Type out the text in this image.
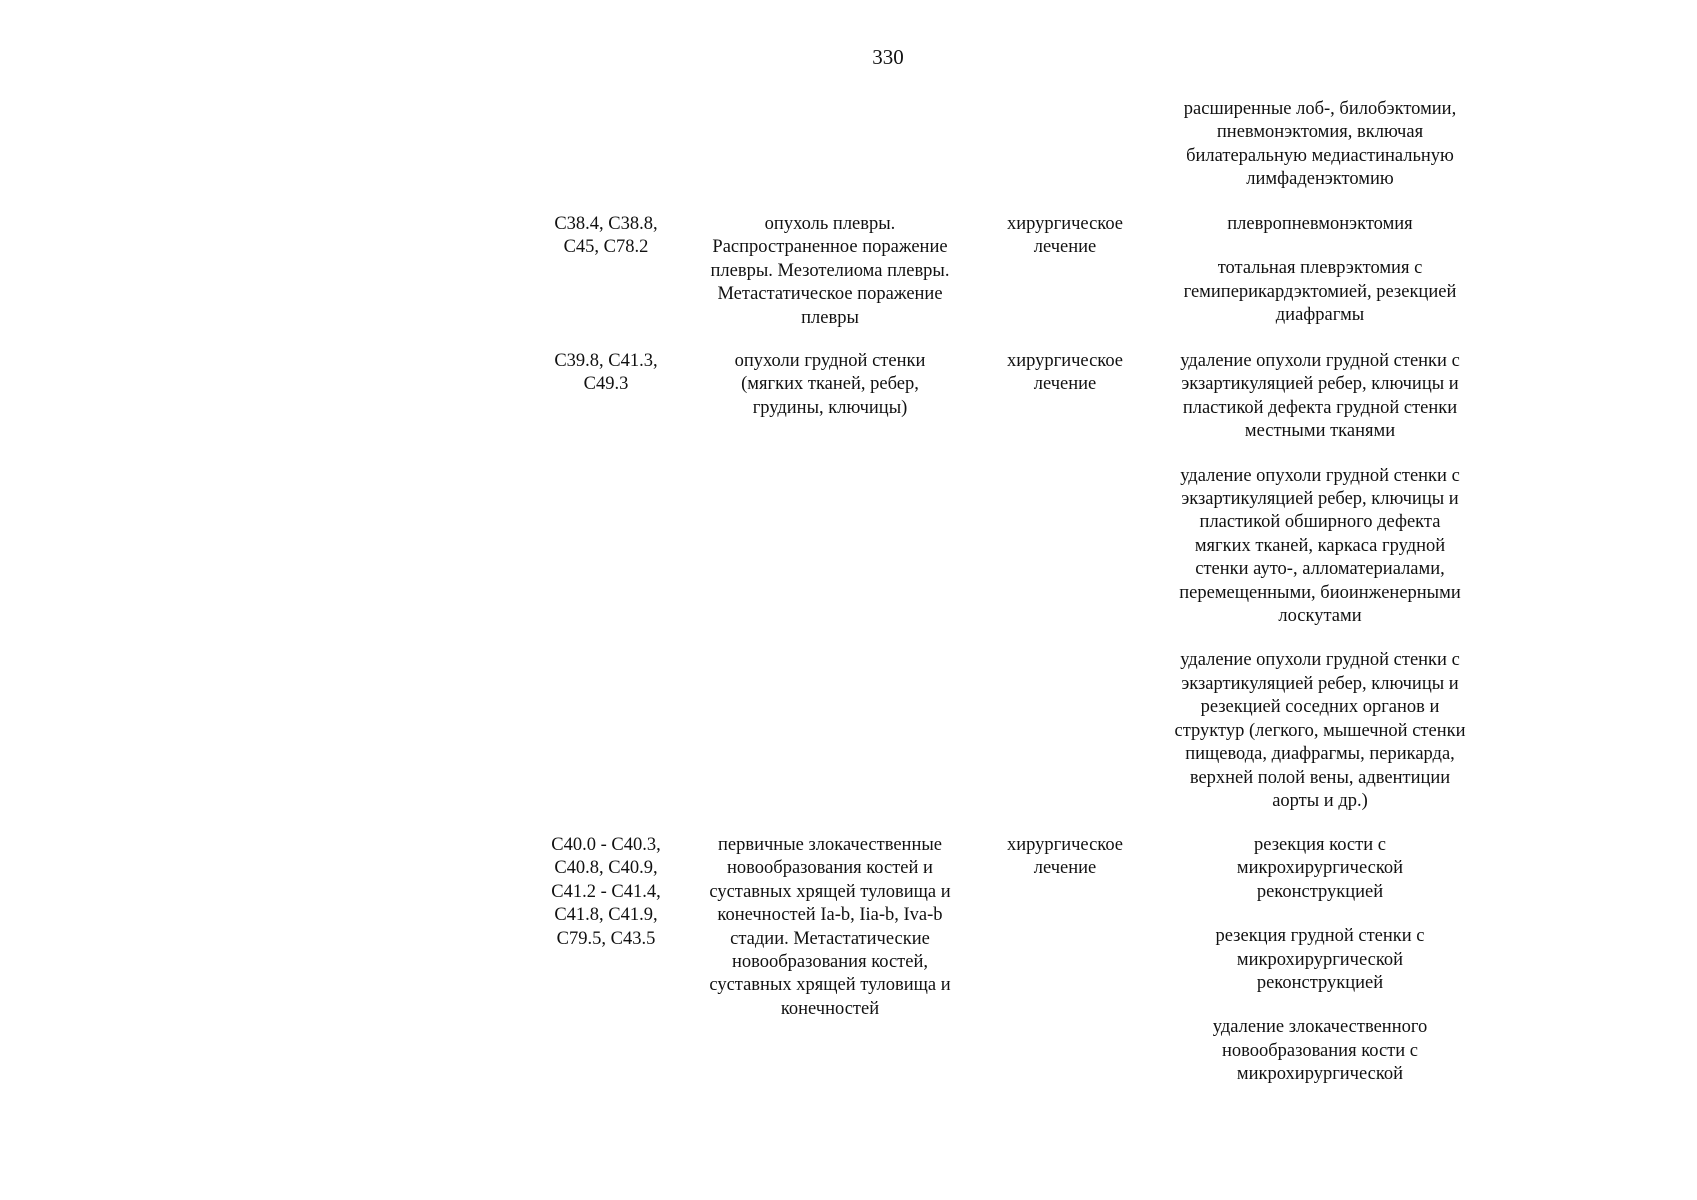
330
расширенные лоб-, билобэктомии,
пневмонэктомия, включая
билатеральную медиастинальную
лимфаденэктомию
C38.4, C38.8,
C45, C78.2
опухоль плевры.
Распространенное поражение
плевры. Мезотелиома плевры.
Метастатическое поражение
плевры
хирургическое
лечение
плевропневмонэктомия
тотальная плеврэктомия с
гемиперикардэктомией, резекцией
диафрагмы
C39.8, C41.3,
C49.3
опухоли грудной стенки
(мягких тканей, ребер,
грудины, ключицы)
хирургическое
лечение
удаление опухоли грудной стенки с
экзартикуляцией ребер, ключицы и
пластикой дефекта грудной стенки
местными тканями
удаление опухоли грудной стенки с
экзартикуляцией ребер, ключицы и
пластикой обширного дефекта
мягких тканей, каркаса грудной
стенки ауто-, алломатериалами,
перемещенными, биоинженерными
лоскутами
удаление опухоли грудной стенки с
экзартикуляцией ребер, ключицы и
резекцией соседних органов и
структур (легкого, мышечной стенки
пищевода, диафрагмы, перикарда,
верхней полой вены, адвентиции
аорты и др.)
C40.0 - C40.3,
C40.8, C40.9,
C41.2 - C41.4,
C41.8, C41.9,
C79.5, C43.5
первичные злокачественные
новообразования костей и
суставных хрящей туловища и
конечностей Ia-b, Iia-b, Iva-b
стадии. Метастатические
новообразования костей,
суставных хрящей туловища и
конечностей
хирургическое
лечение
резекция кости с
микрохирургической
реконструкцией
резекция грудной стенки с
микрохирургической
реконструкцией
удаление злокачественного
новообразования кости с
микрохирургической
